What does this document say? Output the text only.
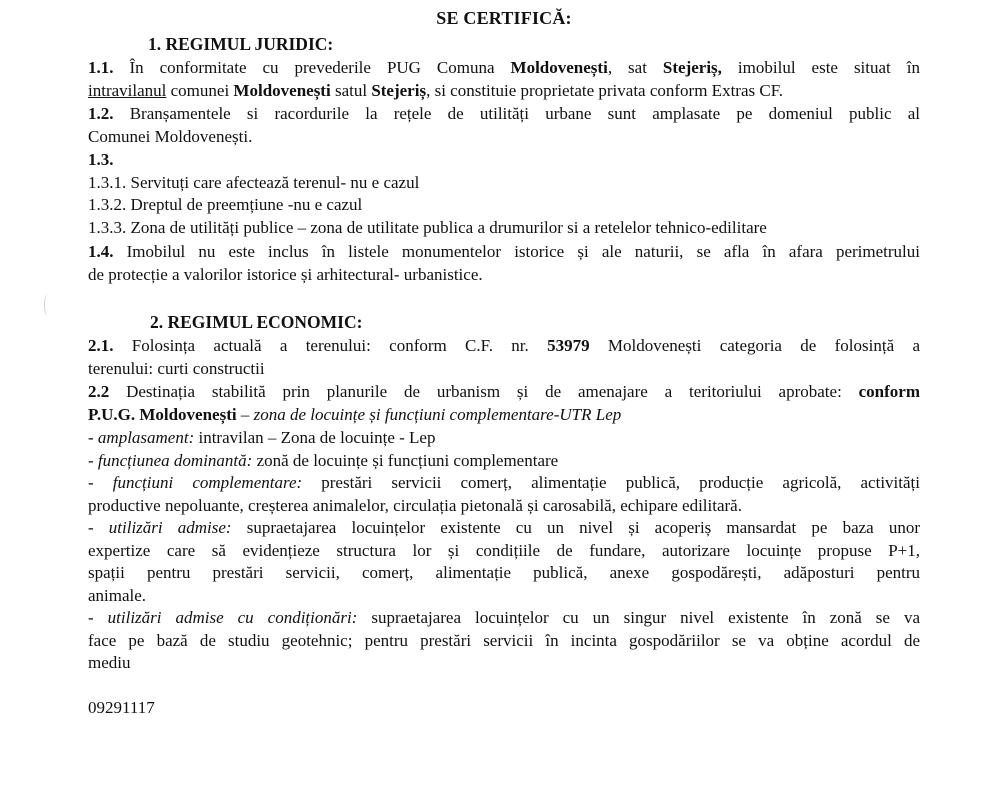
SE CERTIFICĂ:
1. REGIMUL JURIDIC:
1.1. În conformitate cu prevederile PUG Comuna Moldovenești, sat Stejeriș, imobilul este situat în
intravilanul comunei Moldovenești satul Stejeriș, si constituie proprietate privata conform Extras CF.
1.2. Branșamentele si racordurile la rețele de utilități urbane sunt amplasate pe domeniul public al
Comunei Moldovenești.
1.3.
1.3.1. Servituți care afectează terenul- nu e cazul
1.3.2. Dreptul de preemțiune -nu e cazul
1.3.3. Zona de utilități publice – zona de utilitate publica a drumurilor si a retelelor tehnico-edilitare
1.4. Imobilul nu este inclus în listele monumentelor istorice și ale naturii, se afla în afara perimetrului
de protecție a valorilor istorice și arhitectural- urbanistice.
2. REGIMUL ECONOMIC:
2.1. Folosința actuală a terenului: conform C.F. nr. 53979 Moldovenești categoria de folosință a
terenului: curti constructii
2.2 Destinația stabilită prin planurile de urbanism și de amenajare a teritoriului aprobate: conform
P.U.G. Moldovenești – zona de locuințe și funcțiuni complementare-UTR Lep
- amplasament: intravilan – Zona de locuințe - Lep
- funcțiunea dominantă: zonă de locuințe și funcțiuni complementare
- funcțiuni complementare: prestări servicii comerț, alimentație publică, producție agricolă, activități
productive nepoluante, creșterea animalelor, circulația pietonală și carosabilă, echipare edilitară.
- utilizări admise: supraetajarea locuințelor existente cu un nivel și acoperiș mansardat pe baza unor
expertize care să evidențieze structura lor și condițiile de fundare, autorizare locuințe propuse P+1,
spații pentru prestări servicii, comerț, alimentație publică, anexe gospodărești, adăposturi pentru
animale.
- utilizări admise cu condiționări: supraetajarea locuințelor cu un singur nivel existente în zonă se va
face pe bază de studiu geotehnic; pentru prestări servicii în incinta gospodăriilor se va obține acordul de
mediu
09291117
